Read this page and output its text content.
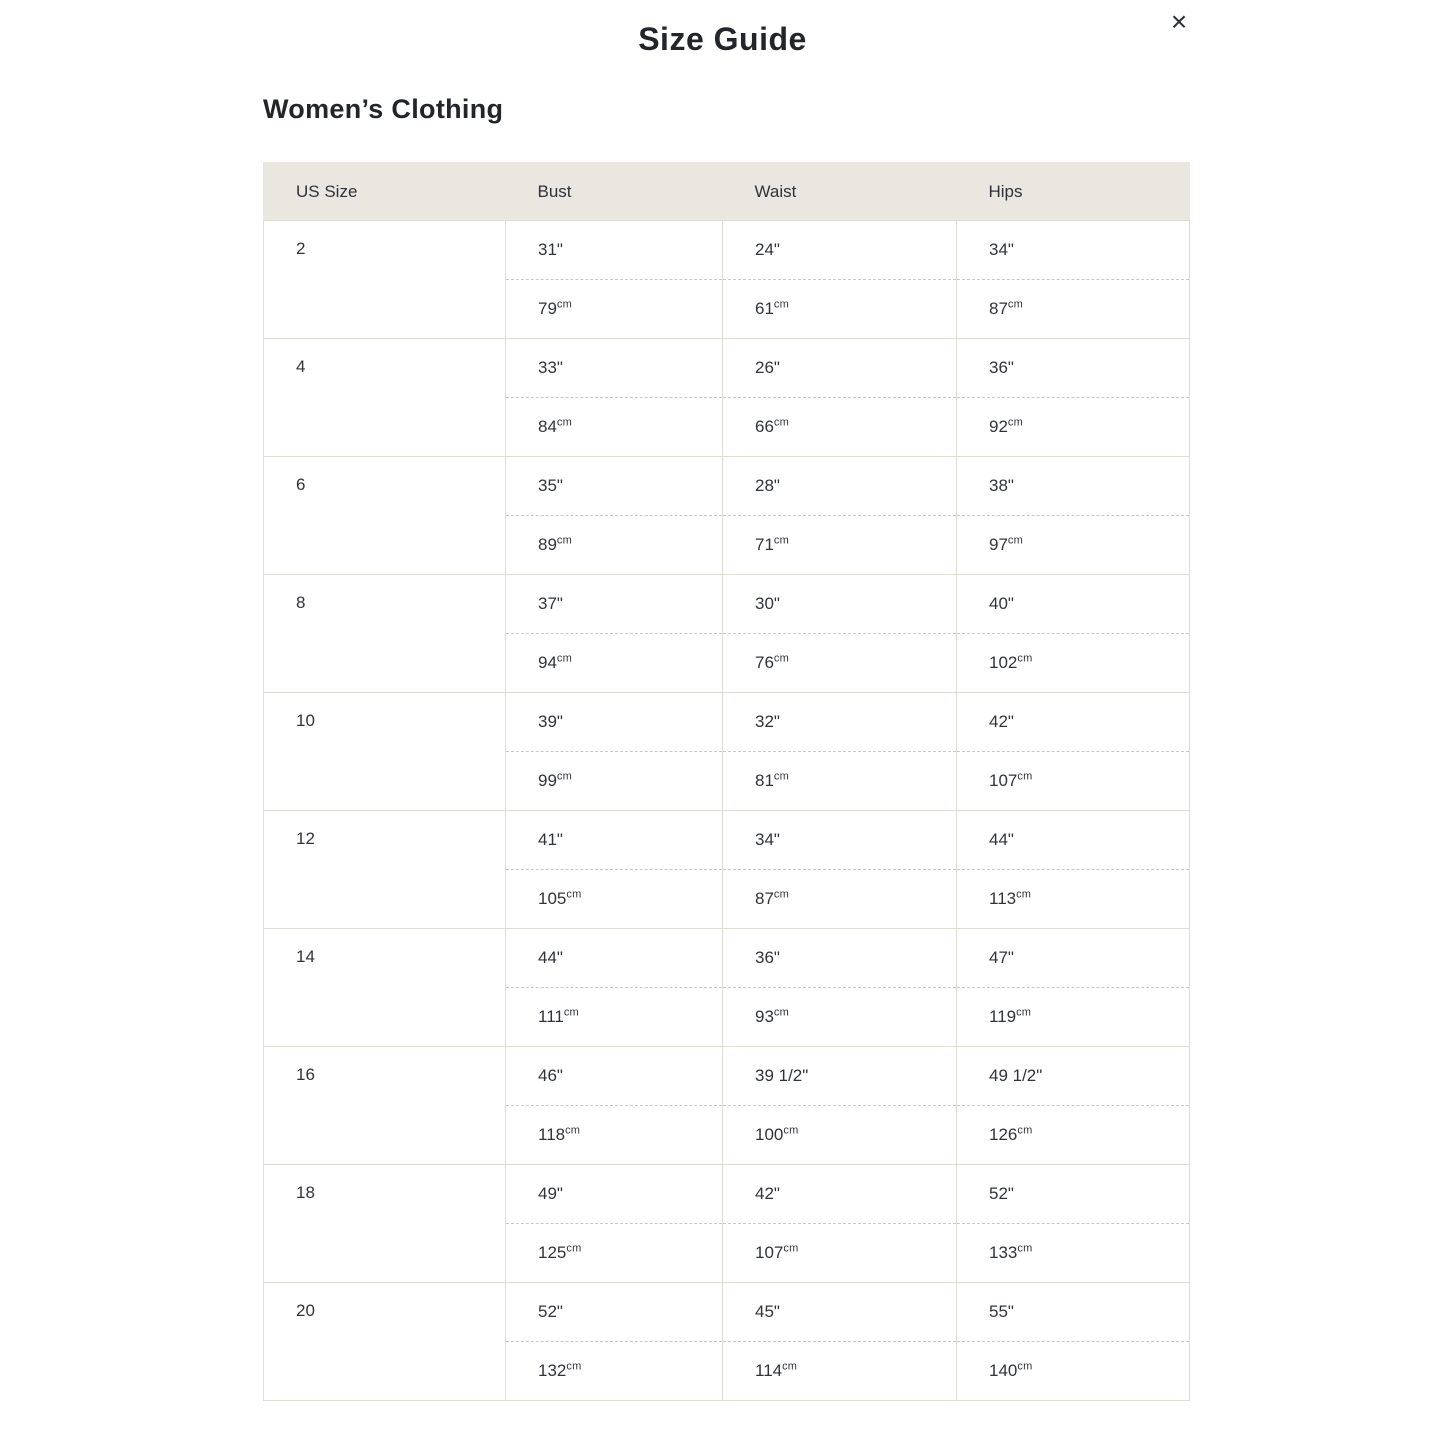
×
Size Guide
Women’s Clothing
US Size	Bust	Waist	Hips
2	31"	24"	34"
	$79^{cm}$	$61^{cm}$	$87^{cm}$
4	33"	26"	36"
	$84^{cm}$	$66^{cm}$	$92^{cm}$
6	35"	28"	38"
	$89^{cm}$	$71^{cm}$	$97^{cm}$
8	37"	30"	40"
	$94^{cm}$	$76^{cm}$	$102^{cm}$
10	39"	32"	42"
	$99^{cm}$	$81^{cm}$	$107^{cm}$
12	41"	34"	44"
	$105^{cm}$	$87^{cm}$	$113^{cm}$
14	44"	36"	47"
	$111^{cm}$	$93^{cm}$	$119^{cm}$
16	46"	39 1/2"	49 1/2"
	$118^{cm}$	$100^{cm}$	$126^{cm}$
18	49"	42"	52"
	$125^{cm}$	$107^{cm}$	$133^{cm}$
20	52"	45"	55"
	$132^{cm}$	$114^{cm}$	$140^{cm}$
